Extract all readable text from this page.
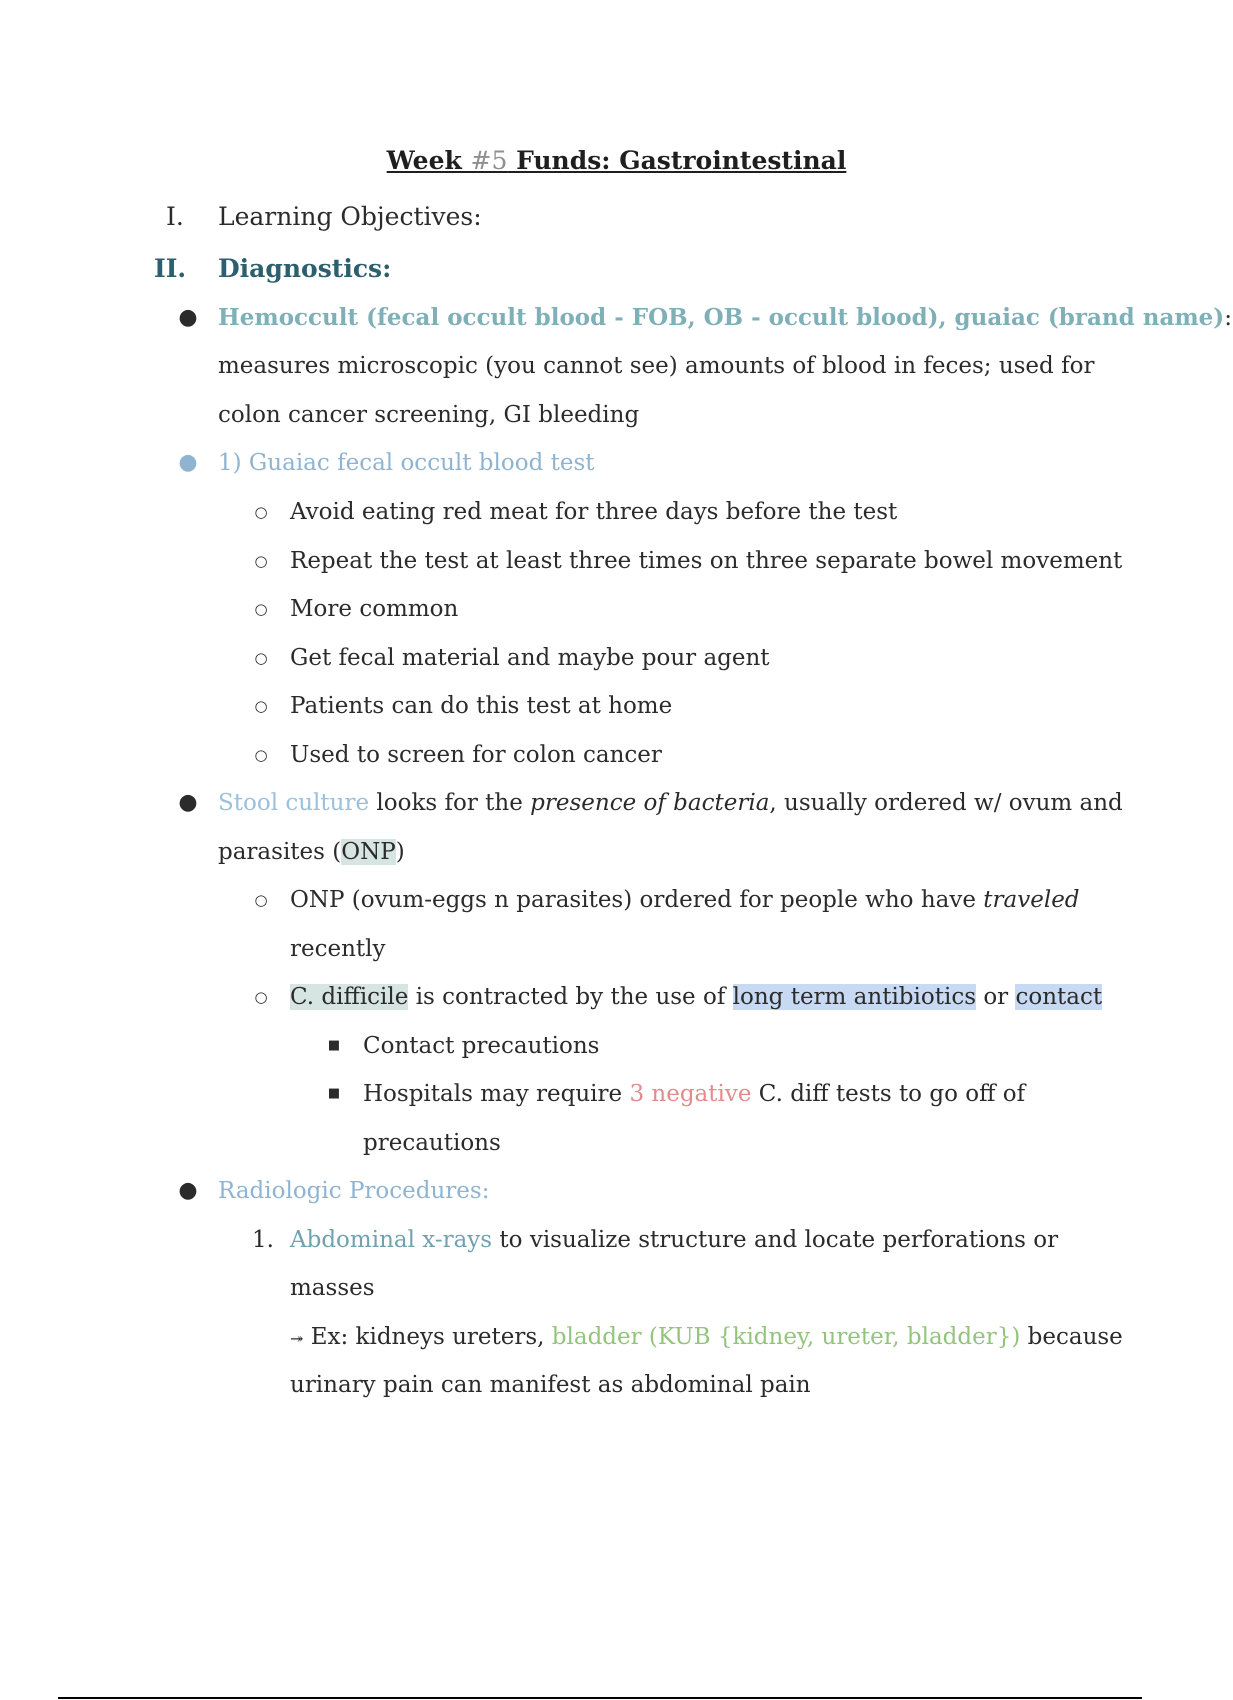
Week #5 Funds: Gastrointestinal
I.	Learning Objectives:
II.	Diagnostics:
● Hemoccult (fecal occult blood - FOB, OB - occult blood), guaiac (brand name):
measures microscopic (you cannot see) amounts of blood in feces; used for
colon cancer screening, GI bleeding
● 1) Guaiac fecal occult blood test
○ Avoid eating red meat for three days before the test
○ Repeat the test at least three times on three separate bowel movement
○ More common
○ Get fecal material and maybe pour agent
○ Patients can do this test at home
○ Used to screen for colon cancer
● Stool culture looks for the presence of bacteria, usually ordered w/ ovum and
parasites (ONP)
○ ONP (ovum-eggs n parasites) ordered for people who have traveled
recently
○ C. difficile is contracted by the use of long term antibiotics or contact
■ Contact precautions
■ Hospitals may require 3 negative C. diff tests to go off of
precautions
● Radiologic Procedures:
1. Abdominal x-rays to visualize structure and locate perforations or
masses
↠ Ex: kidneys ureters, bladder (KUB {kidney, ureter, bladder}) because
urinary pain can manifest as abdominal pain
